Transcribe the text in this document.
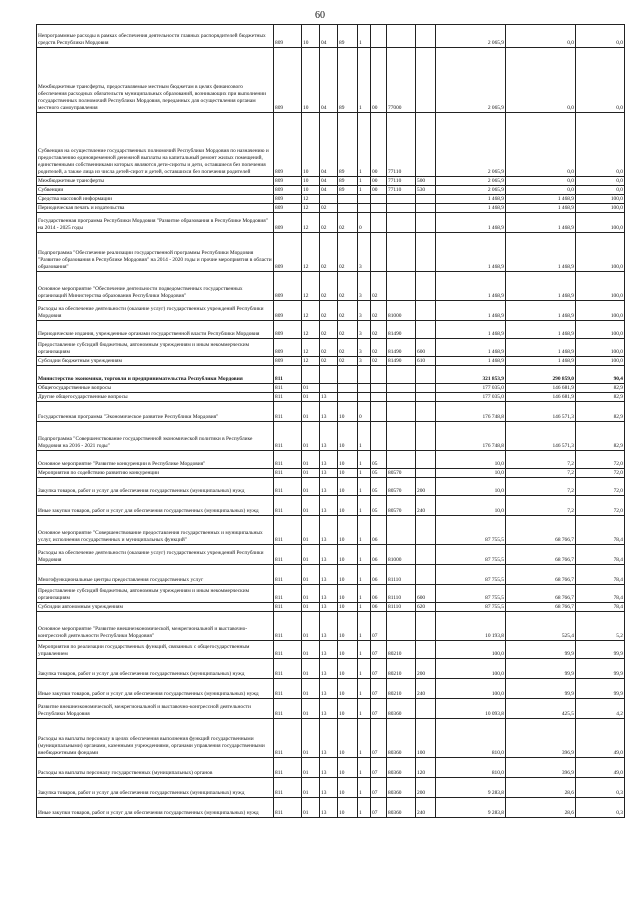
60
Непрограммные расходы в рамках обеспечения деятельности главных распорядителей бюджетных средств Республики Мордовия	809	10	04	89	1				2 065,9	0,0	0,0
Межбюджетные трансферты, предоставляемые местным бюджетам в целях финансового обеспечения расходных обязательств муниципальных образований, возникающих при выполнении государственных полномочий Республики Мордовия, переданных для осуществления органам местного самоуправления	809	10	04	89	1	00	77000		2 065,9	0,0	0,0
Субвенция на осуществление государственных полномочий Республики Мордовия по назначению и предоставлению единовременной денежной выплаты на капитальный ремонт жилых помещений, единственными собственниками которых являются дети-сироты и дети, оставшиеся без попечения родителей, а также лица из числа детей-сирот и детей, оставшихся без попечения родителей	809	10	04	89	1	00	77110		2 065,9	0,0	0,0
Межбюджетные трансферты	809	10	04	89	1	00	77110	500	2 065,9	0,0	0,0
Субвенции	809	10	04	89	1	00	77110	530	2 065,9	0,0	0,0
Средства массовой информации	809	12							1 468,9	1 468,9	100,0
Периодическая печать и издательства	809	12	02						1 468,9	1 468,9	100,0
Государственная программа Республики Мордовия "Развитие образования в Республике Мордовия" на 2014 - 2025 годы	809	12	02	02	0				1 468,9	1 468,9	100,0
Подпрограмма "Обеспечение реализации государственной программы Республики Мордовия "Развитие образования в Республике Мордовия" на 2014 - 2020 годы и прочие мероприятия в области образования"	809	12	02	02	3				1 468,9	1 468,9	100,0
Основное мероприятие "Обеспечение деятельности подведомственных государственных организаций Министерства образования Республики Мордовия"	809	12	02	02	3	02			1 468,9	1 468,9	100,0
Расходы на обеспечение деятельности (оказание услуг) государственных учреждений Республики Мордовия	809	12	02	02	3	02	81000		1 468,9	1 468,9	100,0
Периодические издания, учрежденные органами государственной власти Республики Мордовия	809	12	02	02	3	02	81490		1 468,9	1 468,9	100,0
Предоставление субсидий бюджетным, автономным учреждениям и иным некоммерческим организациям	809	12	02	02	3	02	81490	600	1 468,9	1 468,9	100,0
Субсидии бюджетным учреждениям	809	12	02	02	3	02	81490	610	1 468,9	1 468,9	100,0
Министерство экономики, торговли и предпринимательства Республики Мордовия	811								321 853,9	290 859,0	90,4
Общегосударственные вопросы	811	01							177 035,0	146 681,9	82,9
Другие общегосударственные вопросы	811	01	13						177 035,0	146 681,9	82,9
Государственная программа "Экономическое развитие Республики Мордовия"	811	01	13	10	0				176 748,8	146 571,3	82,9
Подпрограмма "Совершенствование государственной экономической политики в Республике Мордовия на 2016 - 2021 годы"	811	01	13	10	1				176 748,8	146 571,3	82,9
Основное мероприятие "Развитие конкуренции в Республике Мордовия"	811	01	13	10	1	05			10,0	7,2	72,0
Мероприятия по содействию развитию конкуренции	811	01	13	10	1	05	80570		10,0	7,2	72,0
Закупка товаров, работ и услуг для обеспечения государственных (муниципальных) нужд	811	01	13	10	1	05	80570	200	10,0	7,2	72,0
Иные закупки товаров, работ и услуг для обеспечения государственных (муниципальных) нужд	811	01	13	10	1	05	80570	240	10,0	7,2	72,0
Основное мероприятие "Совершенствование предоставления государственных и муниципальных услуг, исполнения государственных и муниципальных функций"	811	01	13	10	1	06			87 755,5	68 766,7	78,4
Расходы на обеспечение деятельности (оказание услуг) государственных учреждений Республики Мордовия	811	01	13	10	1	06	81000		87 755,5	68 766,7	78,4
Многофункциональные центры предоставления государственных услуг	811	01	13	10	1	06	81110		87 755,5	68 766,7	78,4
Предоставление субсидий бюджетным, автономным учреждениям и иным некоммерческим организациям	811	01	13	10	1	06	81110	600	87 755,5	68 766,7	78,4
Субсидии автономным учреждениям	811	01	13	10	1	06	81110	620	87 755,5	68 766,7	78,4
Основное мероприятие "Развитие внешнеэкономической, межрегиональной и выставочно-конгрессной деятельности Республики Мордовия"	811	01	13	10	1	07			10 193,8	525,4	5,2
Мероприятия по реализации государственных функций, связанных с общегосударственным управлением	811	01	13	10	1	07	80210		100,0	99,9	99,9
Закупка товаров, работ и услуг для обеспечения государственных (муниципальных) нужд	811	01	13	10	1	07	80210	200	100,0	99,9	99,9
Иные закупки товаров, работ и услуг для обеспечения государственных (муниципальных) нужд	811	01	13	10	1	07	80210	240	100,0	99,9	99,9
Развитие внешнеэкономической, межрегиональной и выставочно-конгрессной деятельности Республики Мордовия	811	01	13	10	1	07	80360		10 093,8	425,5	4,2
Расходы на выплаты персоналу в целях обеспечения выполнения функций государственными (муниципальными) органами, казенными учреждениями, органами управления государственными внебюджетными фондами	811	01	13	10	1	07	80360	100	810,0	396,9	49,0
Расходы на выплаты персоналу государственных (муниципальных) органов	811	01	13	10	1	07	80360	120	810,0	396,9	49,0
Закупка товаров, работ и услуг для обеспечения государственных (муниципальных) нужд	811	01	13	10	1	07	80360	200	9 283,8	28,6	0,3
Иные закупки товаров, работ и услуг для обеспечения государственных (муниципальных) нужд	811	01	13	10	1	07	80360	240	9 283,8	28,6	0,3
